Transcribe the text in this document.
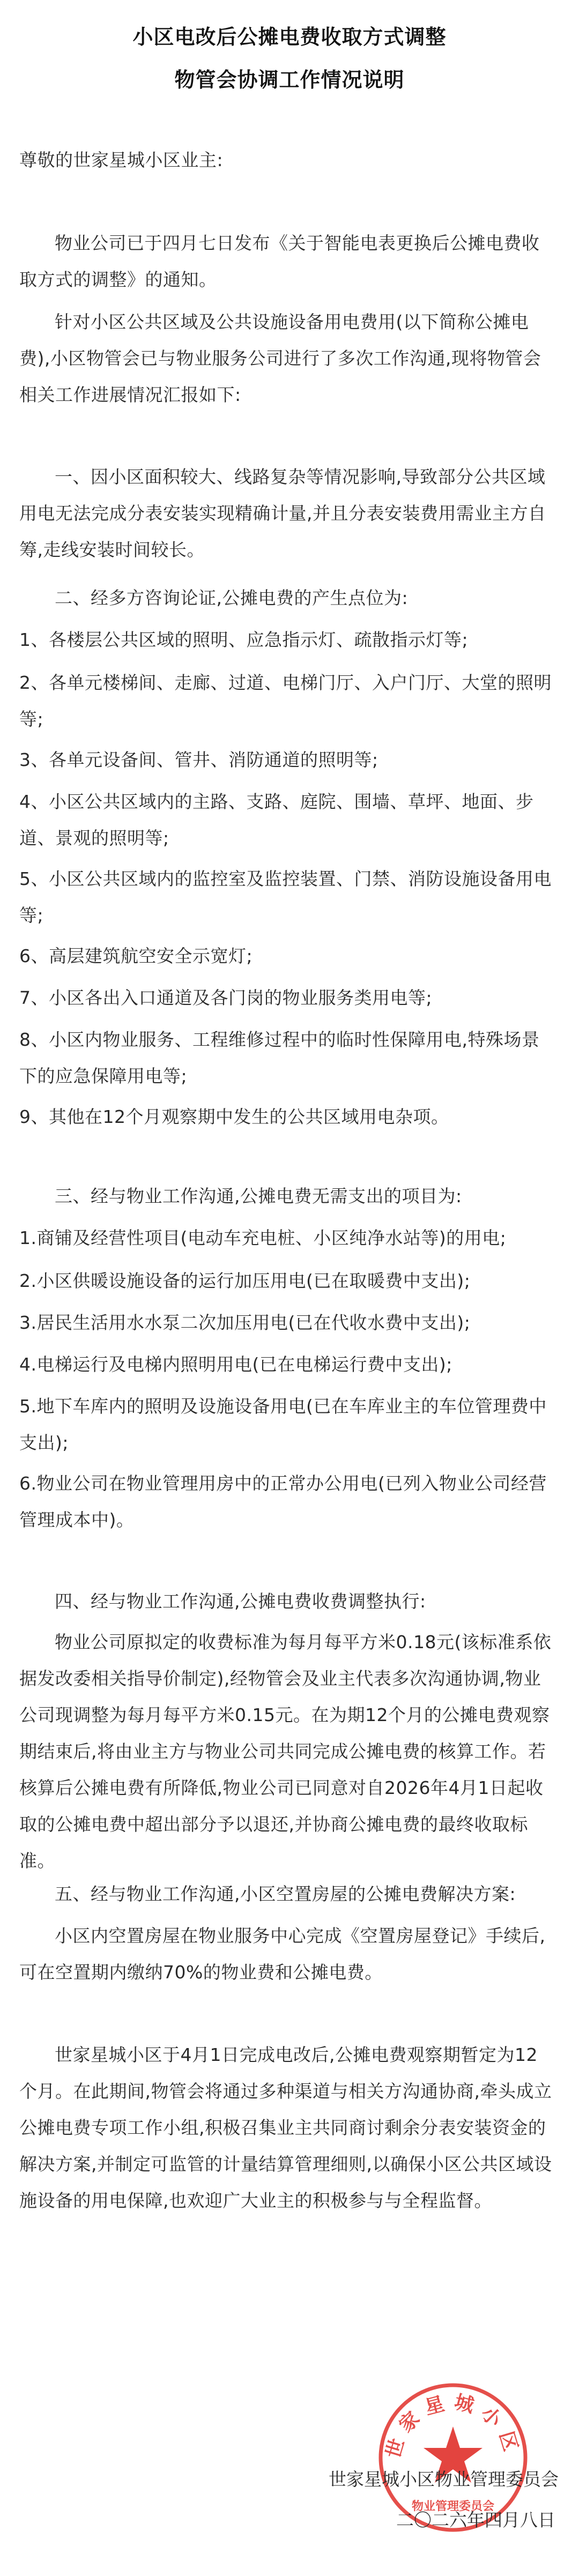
小区电改后公摊电费收取方式调整
物管会协调工作情况说明
尊敬的世家星城小区业主:
物业公司已于四月七日发布《关于智能电表更换后公摊电费收取方式的调整》的通知。
针对小区公共区域及公共设施设备用电费用(以下简称公摊电费),小区物管会已与物业服务公司进行了多次工作沟通,现将物管会相关工作进展情况汇报如下:
一、因小区面积较大、线路复杂等情况影响,导致部分公共区域用电无法完成分表安装实现精确计量,并且分表安装费用需业主方自筹,走线安装时间较长。
二、经多方咨询论证,公摊电费的产生点位为:
1、各楼层公共区域的照明、应急指示灯、疏散指示灯等;
2、各单元楼梯间、走廊、过道、电梯门厅、入户门厅、大堂的照明等;
3、各单元设备间、管井、消防通道的照明等;
4、小区公共区域内的主路、支路、庭院、围墙、草坪、地面、步道、景观的照明等;
5、小区公共区域内的监控室及监控装置、门禁、消防设施设备用电等;
6、高层建筑航空安全示宽灯;
7、小区各出入口通道及各门岗的物业服务类用电等;
8、小区内物业服务、工程维修过程中的临时性保障用电,特殊场景下的应急保障用电等;
9、其他在12个月观察期中发生的公共区域用电杂项。
三、经与物业工作沟通,公摊电费无需支出的项目为:
1.商铺及经营性项目(电动车充电桩、小区纯净水站等)的用电;
2.小区供暖设施设备的运行加压用电(已在取暖费中支出);
3.居民生活用水水泵二次加压用电(已在代收水费中支出);
4.电梯运行及电梯内照明用电(已在电梯运行费中支出);
5.地下车库内的照明及设施设备用电(已在车库业主的车位管理费中支出);
6.物业公司在物业管理用房中的正常办公用电(已列入物业公司经营管理成本中)。
四、经与物业工作沟通,公摊电费收费调整执行:
物业公司原拟定的收费标准为每月每平方米0.18元(该标准系依据发改委相关指导价制定),经物管会及业主代表多次沟通协调,物业公司现调整为每月每平方米0.15元。在为期12个月的公摊电费观察期结束后,将由业主方与物业公司共同完成公摊电费的核算工作。若核算后公摊电费有所降低,物业公司已同意对自2026年4月1日起收取的公摊电费中超出部分予以退还,并协商公摊电费的最终收取标准。
五、经与物业工作沟通,小区空置房屋的公摊电费解决方案:
小区内空置房屋在物业服务中心完成《空置房屋登记》手续后,可在空置期内缴纳70%的物业费和公摊电费。
世家星城小区于4月1日完成电改后,公摊电费观察期暂定为12个月。在此期间,物管会将通过多种渠道与相关方沟通协商,牵头成立公摊电费专项工作小组,积极召集业主共同商讨剩余分表安装资金的解决方案,并制定可监管的计量结算管理细则,以确保小区公共区域设施设备的用电保障,也欢迎广大业主的积极参与与全程监督。
世家星城小区
物业管理委员会
世家星城小区物业管理委员会
二〇二六年四月八日
